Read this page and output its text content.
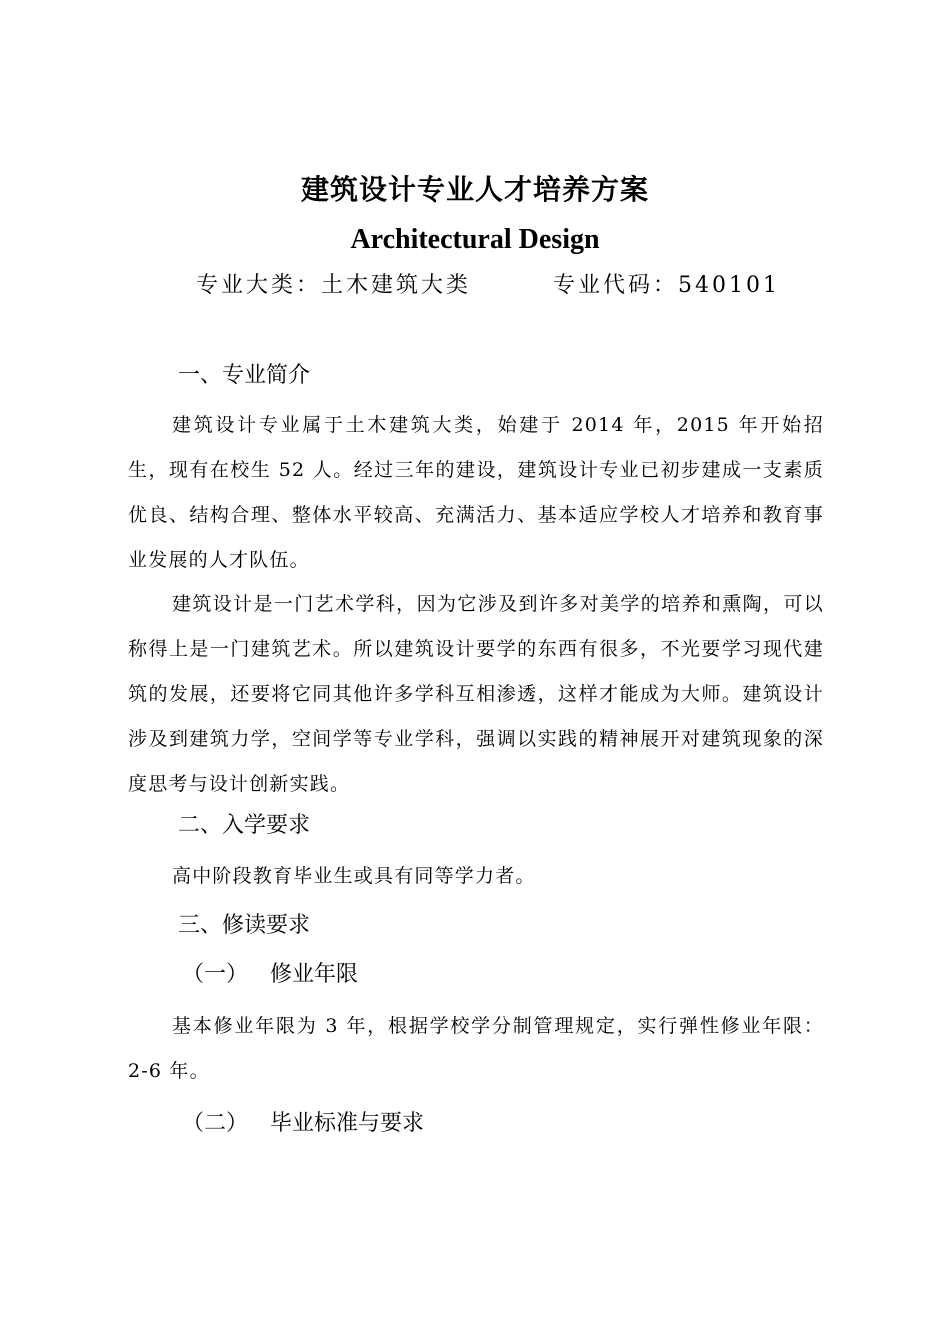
建筑设计专业人才培养方案
Architectural Design
专业大类：土木建筑大类	专业代码：540101
一、专业简介
建筑设计专业属于土木建筑大类，始建于 2014 年，2015 年开始招生，现有在校生 52 人。经过三年的建设，建筑设计专业已初步建成一支素质优良、结构合理、整体水平较高、充满活力、基本适应学校人才培养和教育事业发展的人才队伍。
建筑设计是一门艺术学科，因为它涉及到许多对美学的培养和熏陶，可以称得上是一门建筑艺术。所以建筑设计要学的东西有很多，不光要学习现代建筑的发展，还要将它同其他许多学科互相渗透，这样才能成为大师。建筑设计涉及到建筑力学，空间学等专业学科，强调以实践的精神展开对建筑现象的深度思考与设计创新实践。
二、入学要求
高中阶段教育毕业生或具有同等学力者。
三、修读要求
（一） 修业年限
基本修业年限为 3 年，根据学校学分制管理规定，实行弹性修业年限：2-6 年。
（二） 毕业标准与要求
